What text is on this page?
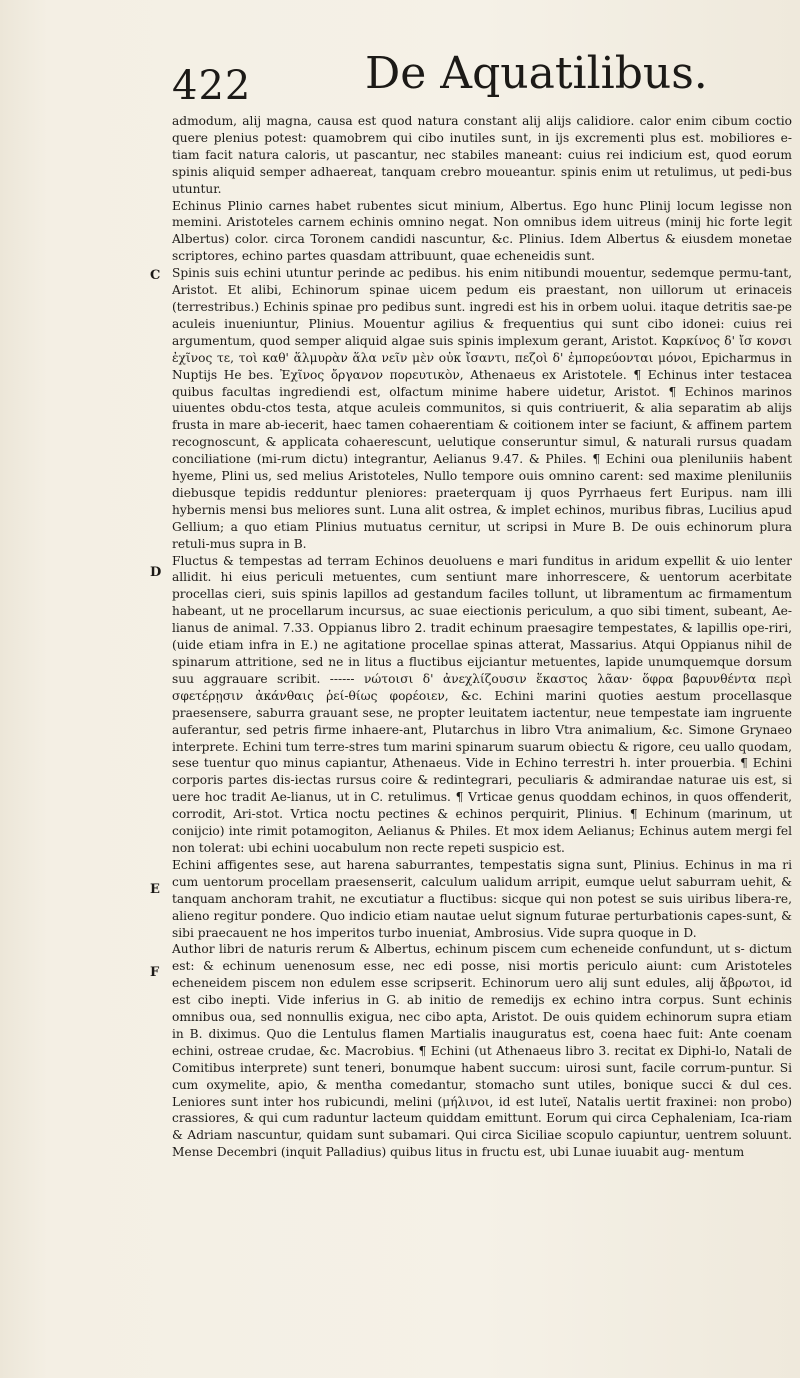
422	De Aquatilibus.
C
D
E
F

admodum, alij magna, causa est quod natura constant alij alijs calidiore. calor enim cibum coctio quere plenius potest: quamobrem qui cibo inutiles sunt, in ijs excrementi plus est. mobiliores e-tiam facit natura caloris, ut pascantur, nec stabiles maneant: cuius rei indicium est, quod eorum spinis aliquid semper adhaereat, tanquam crebro moueantur. spinis enim ut retulimus, ut pedi-bus utuntur.

Echinus Plinio carnes habet rubentes sicut minium, Albertus. Ego hunc Plinij locum legisse non memini. Aristoteles carnem echinis omnino negat. Non omnibus idem uitreus (minij hic forte legit Albertus) color. circa Toronem candidi nascuntur, &c. Plinius. Idem Albertus & eiusdem monetae scriptores, echino partes quasdam attribuunt, quae echeneidis sunt.

Spinis suis echini utuntur perinde ac pedibus. his enim nitibundi mouentur, sedemque permu-tant, Aristot. Et alibi, Echinorum spinae uicem pedum eis praestant, non uillorum ut erinaceis (terrestribus.) Echinis spinae pro pedibus sunt. ingredi est his in orbem uolui. itaque detritis sae-pe aculeis inueniuntur, Plinius. Mouentur agilius & frequentius qui sunt cibo idonei: cuius rei argumentum, quod semper aliquid algae suis spinis implexum gerant, Aristot. Καρκίνος δ' ἴσ κονσι ἐχῖνος τε, τοὶ καθ' ἅλμυρὰν ἅλα νεῖν μὲν οὐκ ἴσαντι, πεζοὶ δ' ἐμπορεύονται μόνοι, Epicharmus in Nuptijs He bes. Ἐχῖνος ὄργανον πορευτικὸν, Athenaeus ex Aristotele. ¶ Echinus inter testacea quibus facultas ingrediendi est, olfactum minime habere uidetur, Aristot. ¶ Echinos marinos uiuentes obdu-ctos testa, atque aculeis communitos, si quis contriuerit, & alia separatim ab alijs frusta in mare ab-iecerit, haec tamen cohaerentiam & coitionem inter se faciunt, & affinem partem recognoscunt, & applicata cohaerescunt, uelutique conseruntur simul, & naturali rursus quadam conciliatione (mi-rum dictu) integrantur, Aelianus 9.47. & Philes. ¶ Echini oua pleniluniis habent hyeme, Plini us, sed melius Aristoteles, Nullo tempore ouis omnino carent: sed maxime pleniluniis diebusque tepidis redduntur pleniores: praeterquam ij quos Pyrrhaeus fert Euripus. nam illi hybernis mensi bus meliores sunt. Luna alit ostrea, & implet echinos, muribus fibras, Lucilius apud Gellium; a quo etiam Plinius mutuatus cernitur, ut scripsi in Mure B. De ouis echinorum plura retuli-mus supra in B.

Fluctus & tempestas ad terram Echinos deuoluens e mari funditus in aridum expellit & uio lenter allidit. hi eius periculi metuentes, cum sentiunt mare inhorrescere, & uentorum acerbitate procellas cieri, suis spinis lapillos ad gestandum faciles tollunt, ut libramentum ac firmamentum habeant, ut ne procellarum incursus, ac suae eiectionis periculum, a quo sibi timent, subeant, Ae-lianus de animal. 7.33. Oppianus libro 2. tradit echinum praesagire tempestates, & lapillis ope-riri, (uide etiam infra in E.) ne agitatione procellae spinas atterat, Massarius. Atqui Oppianus nihil de spinarum attritione, sed ne in litus a fluctibus eijciantur metuentes, lapide unumquemque dorsum suu aggrauare scribit. ------ νώτοισι δ' ἀνεχλίζουσιν ἕκαστος λᾶαν· ὅφρα βαρυνθέντα περὶ σφετέρῃσιν ἀκάνθαις ῥεί-θίως φορέοιεν, &c. Echini marini quoties aestum procellasque praesensere, saburra grauant sese, ne propter leuitatem iactentur, neue tempestate iam ingruente auferantur, sed petris firme inhaere-ant, Plutarchus in libro Vtra animalium, &c. Simone Grynaeo interprete. Echini tum terre-stres tum marini spinarum suarum obiectu & rigore, ceu uallo quodam, sese tuentur quo minus capiantur, Athenaeus. Vide in Echino terrestri h. inter prouerbia. ¶ Echini corporis partes dis-iectas rursus coire & redintegrari, peculiaris & admirandae naturae uis est, si uere hoc tradit Ae-lianus, ut in C. retulimus. ¶ Vrticae genus quoddam echinos, in quos offenderit, corrodit, Ari-stot. Vrtica noctu pectines & echinos perquirit, Plinius. ¶ Echinum (marinum, ut conijcio) inte rimit potamogiton, Aelianus & Philes. Et mox idem Aelianus; Echinus autem mergi fel non tolerat: ubi echini uocabulum non recte repeti suspicio est.

Echini affigentes sese, aut harena saburrantes, tempestatis signa sunt, Plinius. Echinus in ma ri cum uentorum procellam praesenserit, calculum ualidum arripit, eumque uelut saburram uehit, & tanquam anchoram trahit, ne excutiatur a fluctibus: sicque qui non potest se suis uiribus libera-re, alieno regitur pondere. Quo indicio etiam nautae uelut signum futurae perturbationis capes-sunt, & sibi praecauent ne hos imperitos turbo inueniat, Ambrosius. Vide supra quoque in D.

Author libri de naturis rerum & Albertus, echinum piscem cum echeneide confundunt, ut s- dictum est: & echinum uenenosum esse, nec edi posse, nisi mortis periculo aiunt: cum Aristoteles echeneidem piscem non edulem esse scripserit. Echinorum uero alij sunt edules, alij ἄβρωτοι, id est cibo inepti. Vide inferius in G. ab initio de remedijs ex echino intra corpus. Sunt echinis omnibus oua, sed nonnullis exigua, nec cibo apta, Aristot. De ouis quidem echinorum supra etiam in B. diximus. Quo die Lentulus flamen Martialis inauguratus est, coena haec fuit: Ante coenam echini, ostreae crudae, &c. Macrobius. ¶ Echini (ut Athenaeus libro 3. recitat ex Diphi-lo, Natali de Comitibus interprete) sunt teneri, bonumque habent succum: uirosi sunt, facile corrum-puntur. Si cum oxymelite, apio, & mentha comedantur, stomacho sunt utiles, bonique succi & dul ces. Leniores sunt inter hos rubicundi, melini (μήλινοι, id est luteï, Natalis uertit fraxinei: non probo) crassiores, & qui cum raduntur lacteum quiddam emittunt. Eorum qui circa Cephaleniam, Ica-riam & Adriam nascuntur, quidam sunt subamari. Qui circa Siciliae scopulo capiuntur, uentrem soluunt. Mense Decembri (inquit Palladius) quibus litus in fructu est, ubi Lunae iuuabit aug- mentum
